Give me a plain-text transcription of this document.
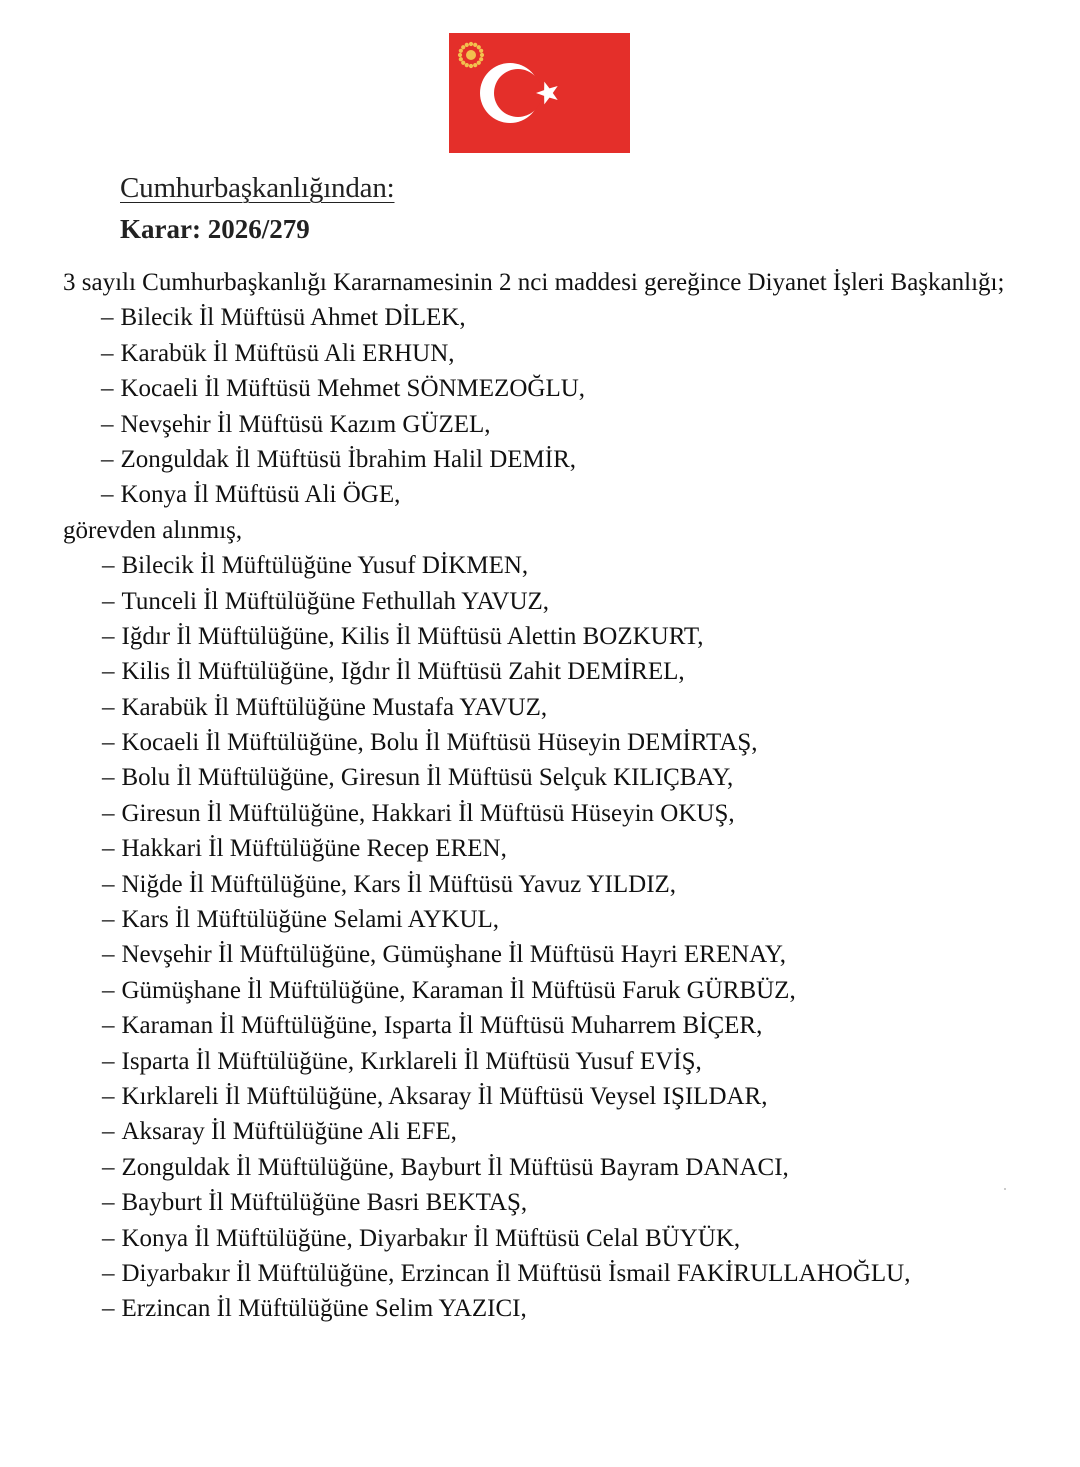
Cumhurbaşkanlığından:
Karar: 2026/279
3 sayılı Cumhurbaşkanlığı Kararnamesinin 2 nci maddesi gereğince Diyanet İşleri Başkanlığı;
– Bilecik İl Müftüsü Ahmet DİLEK,
– Karabük İl Müftüsü Ali ERHUN,
– Kocaeli İl Müftüsü Mehmet SÖNMEZOĞLU,
– Nevşehir İl Müftüsü Kazım GÜZEL,
– Zonguldak İl Müftüsü İbrahim Halil DEMİR,
– Konya İl Müftüsü Ali ÖGE,
görevden alınmış,
– Bilecik İl Müftülüğüne Yusuf DİKMEN,
– Tunceli İl Müftülüğüne Fethullah YAVUZ,
– Iğdır İl Müftülüğüne, Kilis İl Müftüsü Alettin BOZKURT,
– Kilis İl Müftülüğüne, Iğdır İl Müftüsü Zahit DEMİREL,
– Karabük İl Müftülüğüne Mustafa YAVUZ,
– Kocaeli İl Müftülüğüne, Bolu İl Müftüsü Hüseyin DEMİRTAŞ,
– Bolu İl Müftülüğüne, Giresun İl Müftüsü Selçuk KILIÇBAY,
– Giresun İl Müftülüğüne, Hakkari İl Müftüsü Hüseyin OKUŞ,
– Hakkari İl Müftülüğüne Recep EREN,
– Niğde İl Müftülüğüne, Kars İl Müftüsü Yavuz YILDIZ,
– Kars İl Müftülüğüne Selami AYKUL,
– Nevşehir İl Müftülüğüne, Gümüşhane İl Müftüsü Hayri ERENAY,
– Gümüşhane İl Müftülüğüne, Karaman İl Müftüsü Faruk GÜRBÜZ,
– Karaman İl Müftülüğüne, Isparta İl Müftüsü Muharrem BİÇER,
– Isparta İl Müftülüğüne, Kırklareli İl Müftüsü Yusuf EVİŞ,
– Kırklareli İl Müftülüğüne, Aksaray İl Müftüsü Veysel IŞILDAR,
– Aksaray İl Müftülüğüne Ali EFE,
– Zonguldak İl Müftülüğüne, Bayburt İl Müftüsü Bayram DANACI,
– Bayburt İl Müftülüğüne Basri BEKTAŞ,
– Konya İl Müftülüğüne, Diyarbakır İl Müftüsü Celal BÜYÜK,
– Diyarbakır İl Müftülüğüne, Erzincan İl Müftüsü İsmail FAKİRULLAHOĞLU,
– Erzincan İl Müftülüğüne Selim YAZICI,
